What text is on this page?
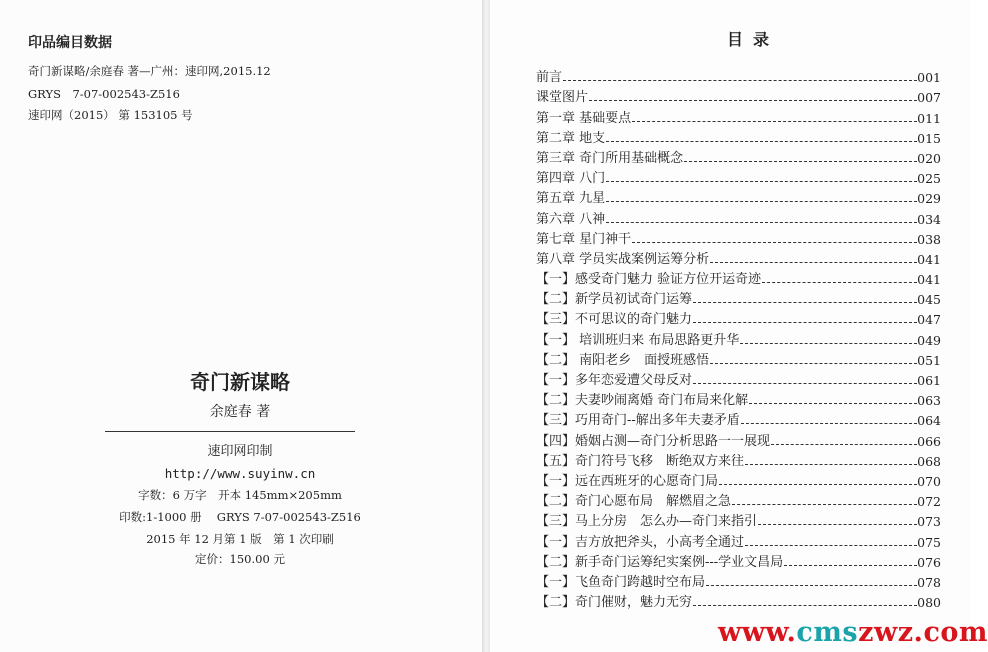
印品编目数据
奇门新谋略/余庭春 著—广州：速印网,2015.12
GRYS　7-07-002543-Z516
速印网（2015） 第 153105 号
奇门新谋略
余庭春 著
速印网印制
http://www.suyinw.cn
字数：6 万字　开本 145mm×205mm
印数:1-1000 册　 GRYS 7-07-002543-Z516
2015 年 12 月第 1 版　第 1 次印刷
定价：150.00 元
目录
前言	001
课堂图片	007
第一章 基础要点	011
第二章 地支	015
第三章 奇门所用基础概念	020
第四章 八门	025
第五章 九星	029
第六章 八神	034
第七章 星门神干	038
第八章 学员实战案例运筹分析	041
【一】感受奇门魅力 验证方位开运奇迹	041
【二】新学员初试奇门运筹	045
【三】不可思议的奇门魅力	047
【一】 培训班归来 布局思路更升华	049
【二】 南阳老乡　面授班感悟	051
【一】多年恋爱遭父母反对	061
【二】夫妻吵闹离婚 奇门布局来化解	063
【三】巧用奇门--解出多年夫妻矛盾	064
【四】婚姻占测—奇门分析思路一一展现	066
【五】奇门符号飞移　断绝双方来往	068
【一】远在西班牙的心愿奇门局	070
【二】奇门心愿布局　解燃眉之急	072
【三】马上分房　怎么办—奇门来指引	073
【一】吉方放把斧头，小高考全通过	075
【二】新手奇门运筹纪实案例---学业文昌局	076
【一】飞鱼奇门跨越时空布局	078
【二】奇门催财，魅力无穷	080
www.cmszwz.com
